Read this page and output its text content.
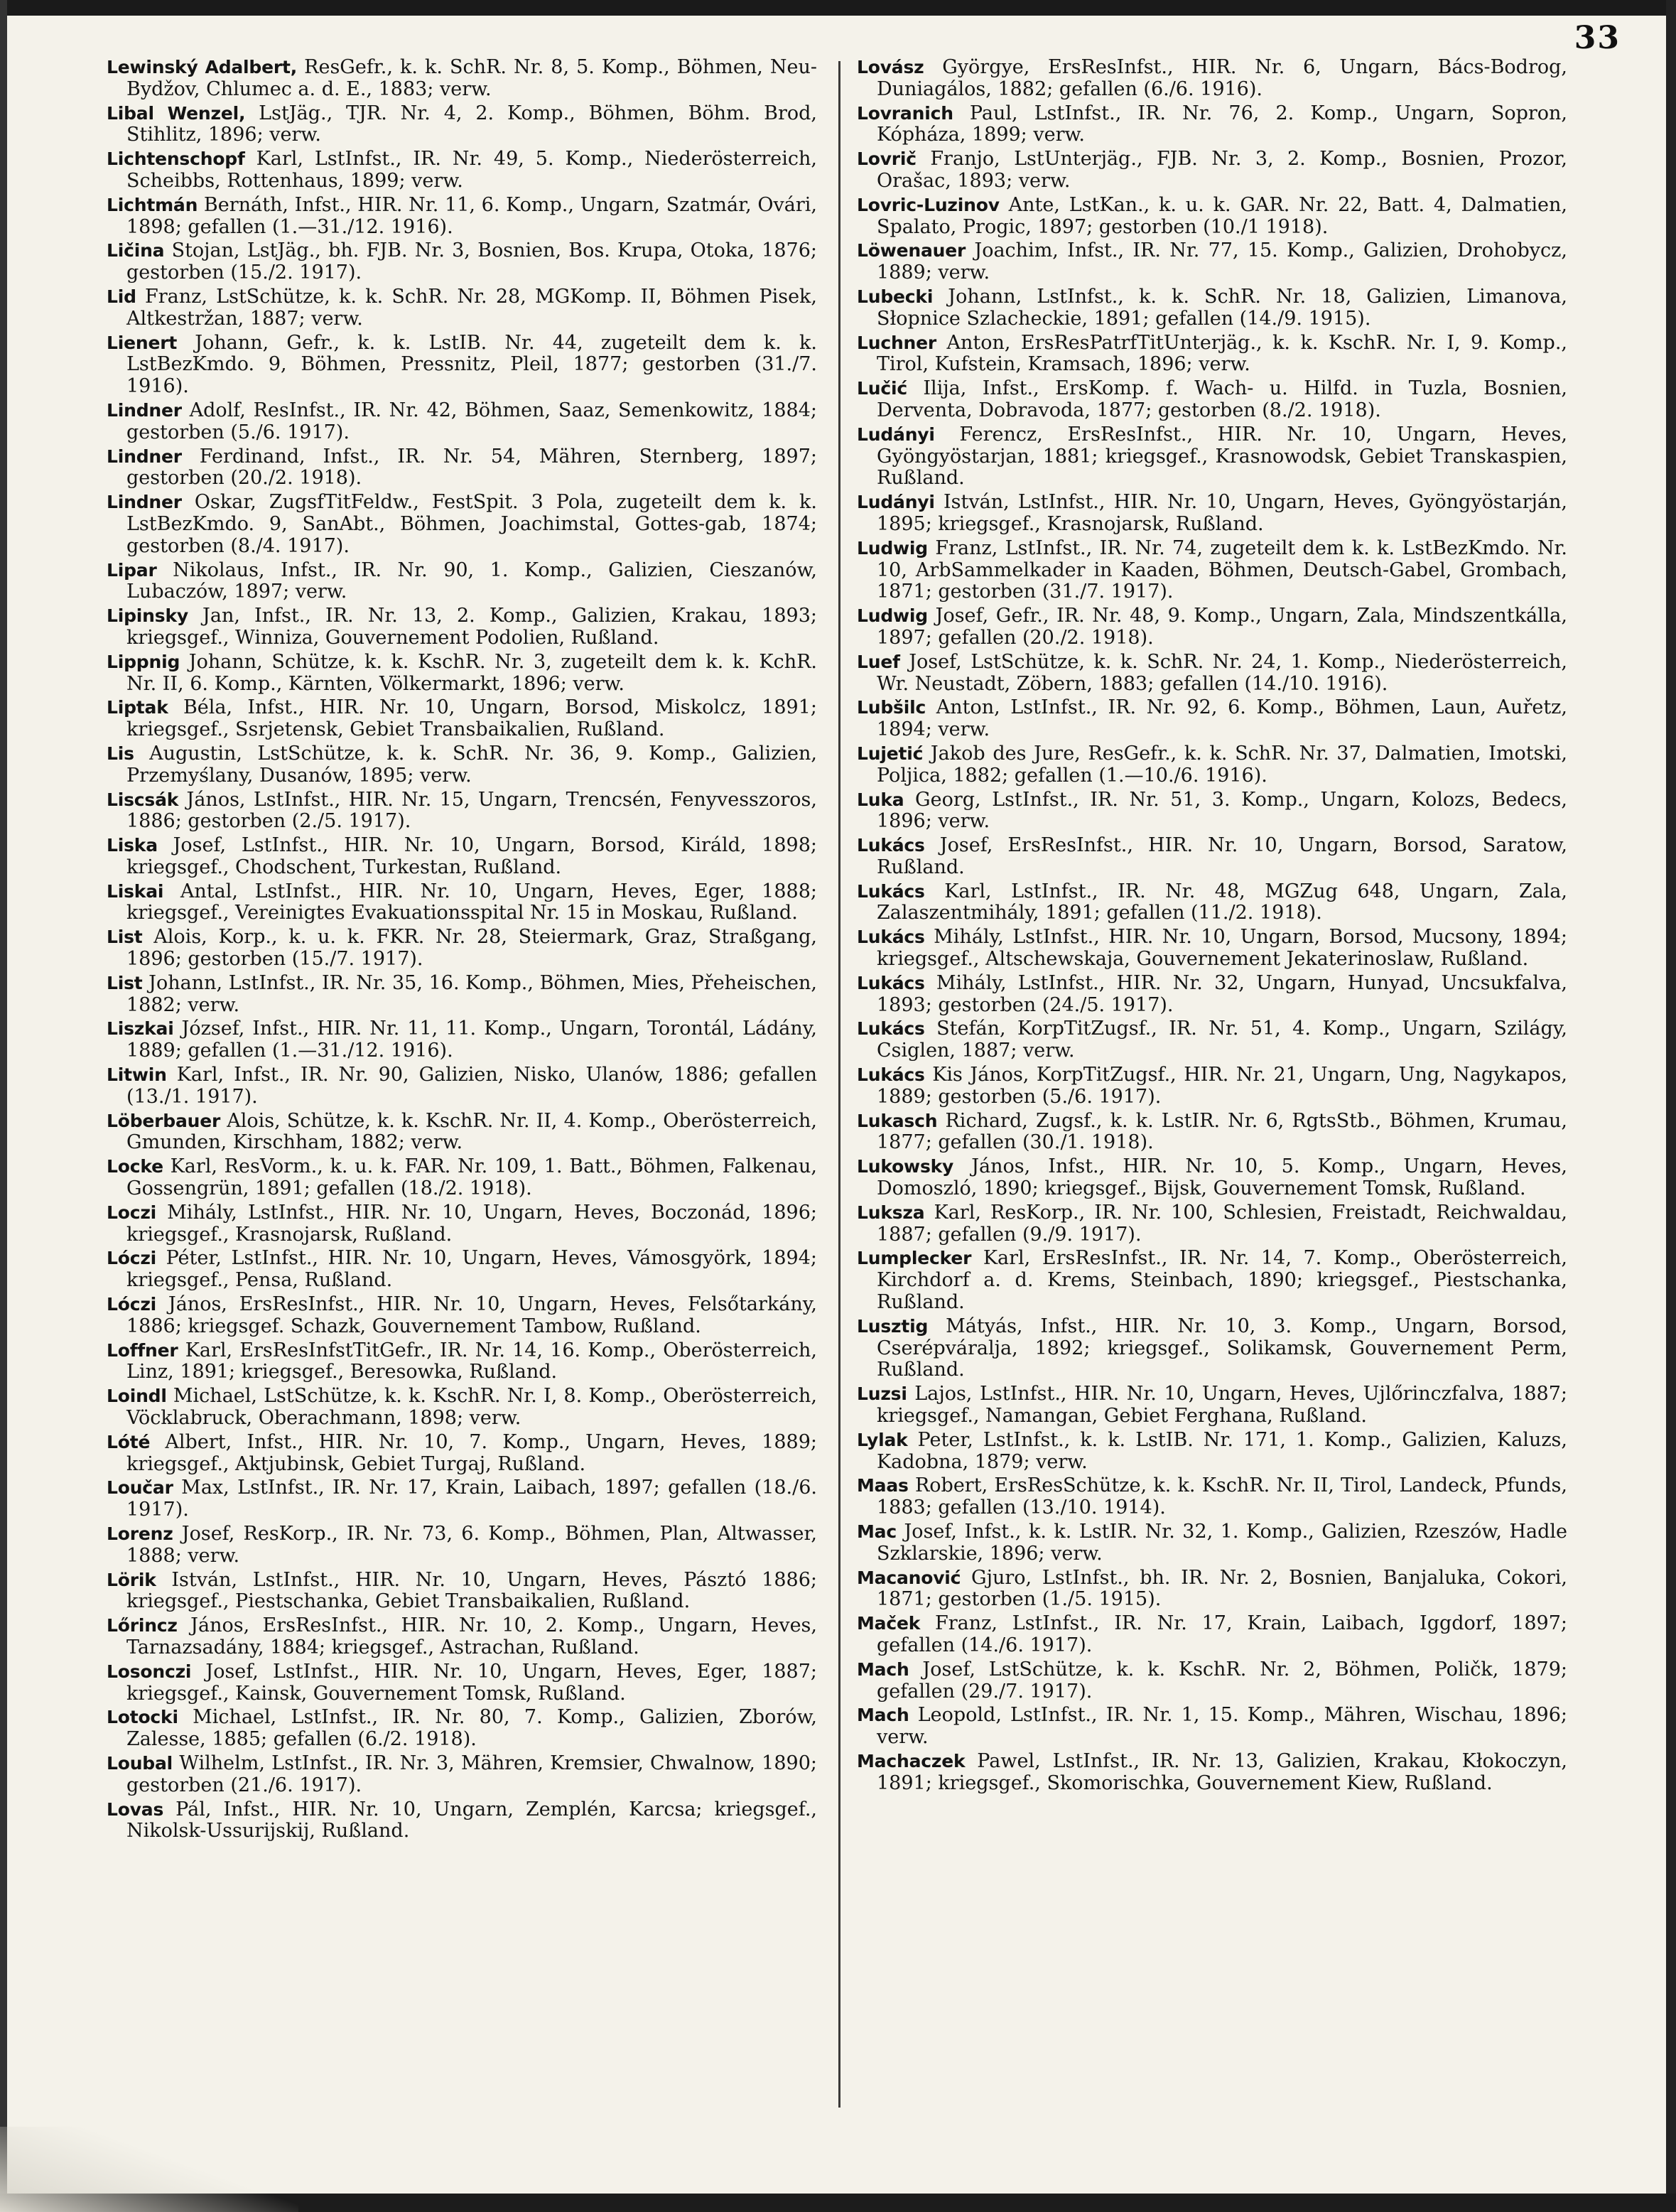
33

Lewinský Adalbert, ResGefr., k. k. SchR. Nr. 8, 5. Komp., Böhmen, Neu-Bydžov, Chlumec a. d. E., 1883; verw.

Libal Wenzel, LstJäg., TJR. Nr. 4, 2. Komp., Böhmen, Böhm. Brod, Stihlitz, 1896; verw.

Lichtenschopf Karl, LstInfst., IR. Nr. 49, 5. Komp., Niederösterreich, Scheibbs, Rottenhaus, 1899; verw.

Lichtmán Bernáth, Infst., HIR. Nr. 11, 6. Komp., Ungarn, Szatmár, Ovári, 1898; gefallen (1.—31./12. 1916).

Ličina Stojan, LstJäg., bh. FJB. Nr. 3, Bosnien, Bos. Krupa, Otoka, 1876; gestorben (15./2. 1917).

Lid Franz, LstSchütze, k. k. SchR. Nr. 28, MGKomp. II, Böhmen Pisek, Altkestržan, 1887; verw.

Lienert Johann, Gefr., k. k. LstIB. Nr. 44, zugeteilt dem k. k. LstBezKmdo. 9, Böhmen, Pressnitz, Pleil, 1877; gestorben (31./7. 1916).

Lindner Adolf, ResInfst., IR. Nr. 42, Böhmen, Saaz, Semenkowitz, 1884; gestorben (5./6. 1917).

Lindner Ferdinand, Infst., IR. Nr. 54, Mähren, Sternberg, 1897; gestorben (20./2. 1918).

Lindner Oskar, ZugsfTitFeldw., FestSpit. 3 Pola, zugeteilt dem k. k. LstBezKmdo. 9, SanAbt., Böhmen, Joachimstal, Gottes-gab, 1874; gestorben (8./4. 1917).

Lipar Nikolaus, Infst., IR. Nr. 90, 1. Komp., Galizien, Cieszanów, Lubaczów, 1897; verw.

Lipinsky Jan, Infst., IR. Nr. 13, 2. Komp., Galizien, Krakau, 1893; kriegsgef., Winniza, Gouvernement Podolien, Rußland.

Lippnig Johann, Schütze, k. k. KschR. Nr. 3, zugeteilt dem k. k. KchR. Nr. II, 6. Komp., Kärnten, Völkermarkt, 1896; verw.

Liptak Béla, Infst., HIR. Nr. 10, Ungarn, Borsod, Miskolcz, 1891; kriegsgef., Ssrjetensk, Gebiet Transbaikalien, Rußland.

Lis Augustin, LstSchütze, k. k. SchR. Nr. 36, 9. Komp., Galizien, Przemyślany, Dusanów, 1895; verw.

Liscsák János, LstInfst., HIR. Nr. 15, Ungarn, Trencsén, Fenyvesszoros, 1886; gestorben (2./5. 1917).

Liska Josef, LstInfst., HIR. Nr. 10, Ungarn, Borsod, Királd, 1898; kriegsgef., Chodschent, Turkestan, Rußland.

Liskai Antal, LstInfst., HIR. Nr. 10, Ungarn, Heves, Eger, 1888; kriegsgef., Vereinigtes Evakuationsspital Nr. 15 in Moskau, Rußland.

List Alois, Korp., k. u. k. FKR. Nr. 28, Steiermark, Graz, Straßgang, 1896; gestorben (15./7. 1917).

List Johann, LstInfst., IR. Nr. 35, 16. Komp., Böhmen, Mies, Přeheischen, 1882; verw.

Liszkai József, Infst., HIR. Nr. 11, 11. Komp., Ungarn, Torontál, Ládány, 1889; gefallen (1.—31./12. 1916).

Litwin Karl, Infst., IR. Nr. 90, Galizien, Nisko, Ulanów, 1886; gefallen (13./1. 1917).

Löberbauer Alois, Schütze, k. k. KschR. Nr. II, 4. Komp., Oberösterreich, Gmunden, Kirschham, 1882; verw.

Locke Karl, ResVorm., k. u. k. FAR. Nr. 109, 1. Batt., Böhmen, Falkenau, Gossengrün, 1891; gefallen (18./2. 1918).

Loczi Mihály, LstInfst., HIR. Nr. 10, Ungarn, Heves, Boczonád, 1896; kriegsgef., Krasnojarsk, Rußland.

Lóczi Péter, LstInfst., HIR. Nr. 10, Ungarn, Heves, Vámosgyörk, 1894; kriegsgef., Pensa, Rußland.

Lóczi János, ErsResInfst., HIR. Nr. 10, Ungarn, Heves, Felsőtarkány, 1886; kriegsgef. Schazk, Gouvernement Tambow, Rußland.

Loffner Karl, ErsResInfstTitGefr., IR. Nr. 14, 16. Komp., Oberösterreich, Linz, 1891; kriegsgef., Beresowka, Rußland.

Loindl Michael, LstSchütze, k. k. KschR. Nr. I, 8. Komp., Oberösterreich, Vöcklabruck, Oberachmann, 1898; verw.

Lóté Albert, Infst., HIR. Nr. 10, 7. Komp., Ungarn, Heves, 1889; kriegsgef., Aktjubinsk, Gebiet Turgaj, Rußland.

Loučar Max, LstInfst., IR. Nr. 17, Krain, Laibach, 1897; gefallen (18./6. 1917).

Lorenz Josef, ResKorp., IR. Nr. 73, 6. Komp., Böhmen, Plan, Altwasser, 1888; verw.

Lörik István, LstInfst., HIR. Nr. 10, Ungarn, Heves, Pásztó 1886; kriegsgef., Piestschanka, Gebiet Transbaikalien, Rußland.

Lőrincz János, ErsResInfst., HIR. Nr. 10, 2. Komp., Ungarn, Heves, Tarnazsadány, 1884; kriegsgef., Astrachan, Rußland.

Losonczi Josef, LstInfst., HIR. Nr. 10, Ungarn, Heves, Eger, 1887; kriegsgef., Kainsk, Gouvernement Tomsk, Rußland.

Lotocki Michael, LstInfst., IR. Nr. 80, 7. Komp., Galizien, Zborów, Zalesse, 1885; gefallen (6./2. 1918).

Loubal Wilhelm, LstInfst., IR. Nr. 3, Mähren, Kremsier, Chwalnow, 1890; gestorben (21./6. 1917).

Lovas Pál, Infst., HIR. Nr. 10, Ungarn, Zemplén, Karcsa; kriegsgef., Nikolsk-Ussurijskij, Rußland.

Lovász Györgye, ErsResInfst., HIR. Nr. 6, Ungarn, Bács-Bodrog, Duniagálos, 1882; gefallen (6./6. 1916).

Lovranich Paul, LstInfst., IR. Nr. 76, 2. Komp., Ungarn, Sopron, Kópháza, 1899; verw.

Lovrič Franjo, LstUnterjäg., FJB. Nr. 3, 2. Komp., Bosnien, Prozor, Orašac, 1893; verw.

Lovric-Luzinov Ante, LstKan., k. u. k. GAR. Nr. 22, Batt. 4, Dalmatien, Spalato, Progic, 1897; gestorben (10./1 1918).

Löwenauer Joachim, Infst., IR. Nr. 77, 15. Komp., Galizien, Drohobycz, 1889; verw.

Lubecki Johann, LstInfst., k. k. SchR. Nr. 18, Galizien, Limanova, Słopnice Szlacheckie, 1891; gefallen (14./9. 1915).

Luchner Anton, ErsResPatrfTitUnterjäg., k. k. KschR. Nr. I, 9. Komp., Tirol, Kufstein, Kramsach, 1896; verw.

Lučić Ilija, Infst., ErsKomp. f. Wach- u. Hilfd. in Tuzla, Bosnien, Derventa, Dobravoda, 1877; gestorben (8./2. 1918).

Ludányi Ferencz, ErsResInfst., HIR. Nr. 10, Ungarn, Heves, Gyöngyöstarjan, 1881; kriegsgef., Krasnowodsk, Gebiet Transkaspien, Rußland.

Ludányi István, LstInfst., HIR. Nr. 10, Ungarn, Heves, Gyöngyöstarján, 1895; kriegsgef., Krasnojarsk, Rußland.

Ludwig Franz, LstInfst., IR. Nr. 74, zugeteilt dem k. k. LstBezKmdo. Nr. 10, ArbSammelkader in Kaaden, Böhmen, Deutsch-Gabel, Grombach, 1871; gestorben (31./7. 1917).

Ludwig Josef, Gefr., IR. Nr. 48, 9. Komp., Ungarn, Zala, Mindszentkálla, 1897; gefallen (20./2. 1918).

Luef Josef, LstSchütze, k. k. SchR. Nr. 24, 1. Komp., Niederösterreich, Wr. Neustadt, Zöbern, 1883; gefallen (14./10. 1916).

Lubšilc Anton, LstInfst., IR. Nr. 92, 6. Komp., Böhmen, Laun, Auřetz, 1894; verw.

Lujetić Jakob des Jure, ResGefr., k. k. SchR. Nr. 37, Dalmatien, Imotski, Poljica, 1882; gefallen (1.—10./6. 1916).

Luka Georg, LstInfst., IR. Nr. 51, 3. Komp., Ungarn, Kolozs, Bedecs, 1896; verw.

Lukács Josef, ErsResInfst., HIR. Nr. 10, Ungarn, Borsod, Saratow, Rußland.

Lukács Karl, LstInfst., IR. Nr. 48, MGZug 648, Ungarn, Zala, Zalaszentmihály, 1891; gefallen (11./2. 1918).

Lukács Mihály, LstInfst., HIR. Nr. 10, Ungarn, Borsod, Mucsony, 1894; kriegsgef., Altschewskaja, Gouvernement Jekaterinoslaw, Rußland.

Lukács Mihály, LstInfst., HIR. Nr. 32, Ungarn, Hunyad, Uncsukfalva, 1893; gestorben (24./5. 1917).

Lukács Stefán, KorpTitZugsf., IR. Nr. 51, 4. Komp., Ungarn, Szilágy, Csiglen, 1887; verw.

Lukács Kis János, KorpTitZugsf., HIR. Nr. 21, Ungarn, Ung, Nagykapos, 1889; gestorben (5./6. 1917).

Lukasch Richard, Zugsf., k. k. LstIR. Nr. 6, RgtsStb., Böhmen, Krumau, 1877; gefallen (30./1. 1918).

Lukowsky János, Infst., HIR. Nr. 10, 5. Komp., Ungarn, Heves, Domoszló, 1890; kriegsgef., Bijsk, Gouvernement Tomsk, Rußland.

Luksza Karl, ResKorp., IR. Nr. 100, Schlesien, Freistadt, Reichwaldau, 1887; gefallen (9./9. 1917).

Lumplecker Karl, ErsResInfst., IR. Nr. 14, 7. Komp., Oberösterreich, Kirchdorf a. d. Krems, Steinbach, 1890; kriegsgef., Piestschanka, Rußland.

Lusztig Mátyás, Infst., HIR. Nr. 10, 3. Komp., Ungarn, Borsod, Cserépváralja, 1892; kriegsgef., Solikamsk, Gouvernement Perm, Rußland.

Luzsi Lajos, LstInfst., HIR. Nr. 10, Ungarn, Heves, Ujlőrinczfalva, 1887; kriegsgef., Namangan, Gebiet Ferghana, Rußland.

Lylak Peter, LstInfst., k. k. LstIB. Nr. 171, 1. Komp., Galizien, Kaluzs, Kadobna, 1879; verw.

Maas Robert, ErsResSchütze, k. k. KschR. Nr. II, Tirol, Landeck, Pfunds, 1883; gefallen (13./10. 1914).

Mac Josef, Infst., k. k. LstIR. Nr. 32, 1. Komp., Galizien, Rzeszów, Hadle Szklarskie, 1896; verw.

Macanović Gjuro, LstInfst., bh. IR. Nr. 2, Bosnien, Banjaluka, Cokori, 1871; gestorben (1./5. 1915).

Maček Franz, LstInfst., IR. Nr. 17, Krain, Laibach, Iggdorf, 1897; gefallen (14./6. 1917).

Mach Josef, LstSchütze, k. k. KschR. Nr. 2, Böhmen, Poličk, 1879; gefallen (29./7. 1917).

Mach Leopold, LstInfst., IR. Nr. 1, 15. Komp., Mähren, Wischau, 1896; verw.

Machaczek Pawel, LstInfst., IR. Nr. 13, Galizien, Krakau, Kłokoczyn, 1891; kriegsgef., Skomorischka, Gouvernement Kiew, Rußland.
